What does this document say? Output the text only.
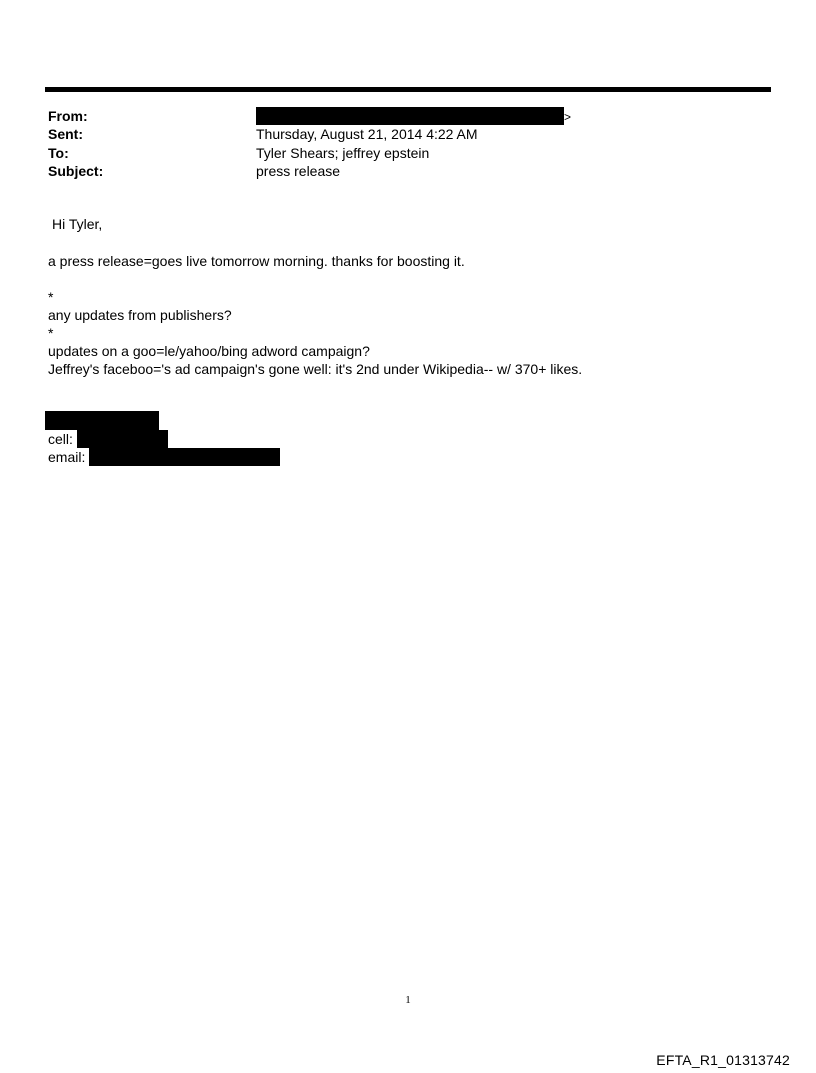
From:	>
Sent:	Thursday, August 21, 2014 4:22 AM
To:	Tyler Shears; jeffrey epstein
Subject:	press release
Hi Tyler,
a press release=goes live tomorrow morning. thanks for boosting it.
*
any updates from publishers?
*
updates on a goo=le/yahoo/bing adword campaign?
Jeffrey's faceboo='s ad campaign's gone well: it's 2nd under Wikipedia-- w/ 370+ likes.
cell:
email:
1
EFTA_R1_01313742
